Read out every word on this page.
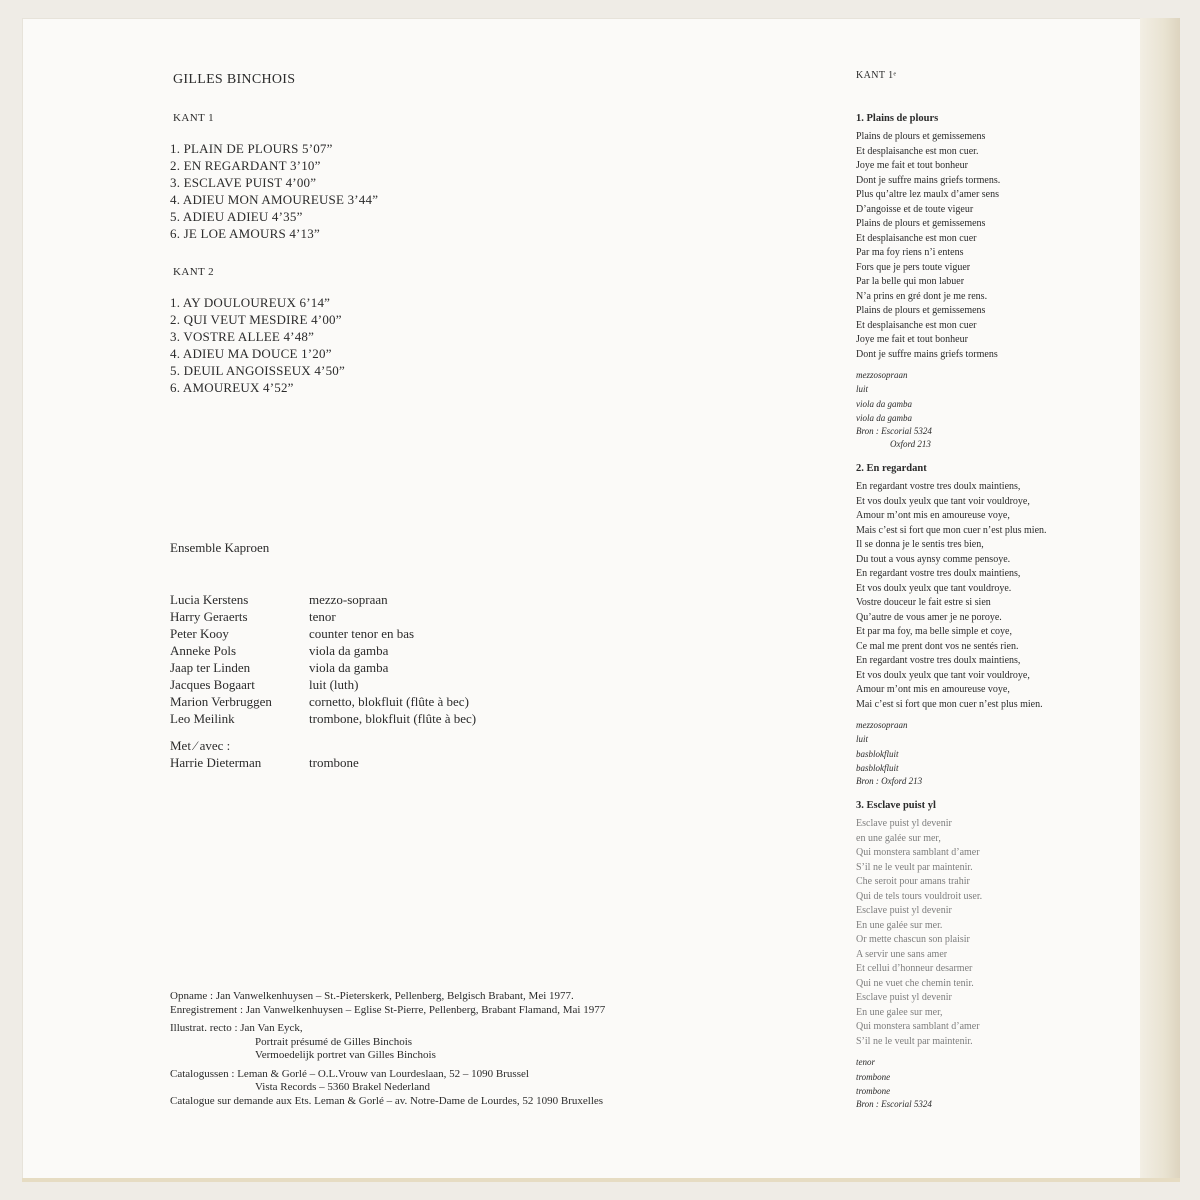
GILLES BINCHOIS
KANT 1
1. PLAIN DE PLOURS 5’07”
2. EN REGARDANT 3’10”
3. ESCLAVE PUIST 4’00”
4. ADIEU MON AMOUREUSE 3’44”
5. ADIEU ADIEU 4’35”
6. JE LOE AMOURS 4’13”
KANT 2
1. AY DOULOUREUX 6’14”
2. QUI VEUT MESDIRE 4’00”
3. VOSTRE ALLEE 4’48”
4. ADIEU MA DOUCE 1’20”
5. DEUIL ANGOISSEUX 4’50”
6. AMOUREUX 4’52”
Ensemble Kaproen
Lucia Kerstens	mezzo-sopraan
Harry Geraerts	tenor
Peter Kooy	counter tenor en bas
Anneke Pols	viola da gamba
Jaap ter Linden	viola da gamba
Jacques Bogaart	luit (luth)
Marion Verbruggen	cornetto, blokfluit (flûte à bec)
Leo Meilink	trombone, blokfluit (flûte à bec)
Met ⁄ avec :
Harrie Dieterman	trombone
Opname : Jan Vanwelkenhuysen – St.-Pieterskerk, Pellenberg, Belgisch Brabant, Mei 1977.
Enregistrement : Jan Vanwelkenhuysen – Eglise St-Pierre, Pellenberg, Brabant Flamand, Mai 1977
Illustrat. recto : Jan Van Eyck,
Portrait présumé de Gilles Binchois
Vermoedelijk portret van Gilles Binchois
Catalogussen : Leman & Gorlé – O.L.Vrouw van Lourdeslaan, 52 – 1090 Brussel
Vista Records – 5360 Brakel Nederland
Catalogue sur demande aux Ets. Leman & Gorlé – av. Notre-Dame de Lourdes, 52 1090 Bruxelles
KANT 1ᵉ
1. Plains de plours
Plains de plours et gemissemens
Et desplaisanche est mon cuer.
Joye me fait et tout bonheur
Dont je suffre mains griefs tormens.
Plus qu’altre lez maulx d’amer sens
D’angoisse et de toute vigeur
Plains de plours et gemissemens
Et desplaisanche est mon cuer
Par ma foy riens n’i entens
Fors que je pers toute viguer
Par la belle qui mon labuer
N’a prins en gré dont je me rens.
Plains de plours et gemissemens
Et desplaisanche est mon cuer
Joye me fait et tout bonheur
Dont je suffre mains griefs tormens
mezzosopraan
luit
viola da gamba
viola da gamba
Bron : Escorial 5324
Oxford 213
2. En regardant
En regardant vostre tres doulx maintiens,
Et vos doulx yeulx que tant voir vouldroye,
Amour m’ont mis en amoureuse voye,
Mais c’est si fort que mon cuer n’est plus mien.
Il se donna je le sentis tres bien,
Du tout a vous aynsy comme pensoye.
En regardant vostre tres doulx maintiens,
Et vos doulx yeulx que tant vouldroye.
Vostre douceur le fait estre si sien
Qu’autre de vous amer je ne poroye.
Et par ma foy, ma belle simple et coye,
Ce mal me prent dont vos ne sentés rien.
En regardant vostre tres doulx maintiens,
Et vos doulx yeulx que tant voir vouldroye,
Amour m’ont mis en amoureuse voye,
Mai c’est si fort que mon cuer n’est plus mien.
mezzosopraan
luit
basblokfluit
basblokfluit
Bron : Oxford 213
3. Esclave puist yl
Esclave puist yl devenir
en une galée sur mer,
Qui monstera samblant d’amer
S’il ne le veult par maintenir.
Che seroit pour amans trahir
Qui de tels tours vouldroit user.
Esclave puist yl devenir
En une galée sur mer.
Or mette chascun son plaisir
A servir une sans amer
Et cellui d’honneur desarmer
Qui ne vuet che chemin tenir.
Esclave puist yl devenir
En une galee sur mer,
Qui monstera samblant d’amer
S’il ne le veult par maintenir.
tenor
trombone
trombone
Bron : Escorial 5324
